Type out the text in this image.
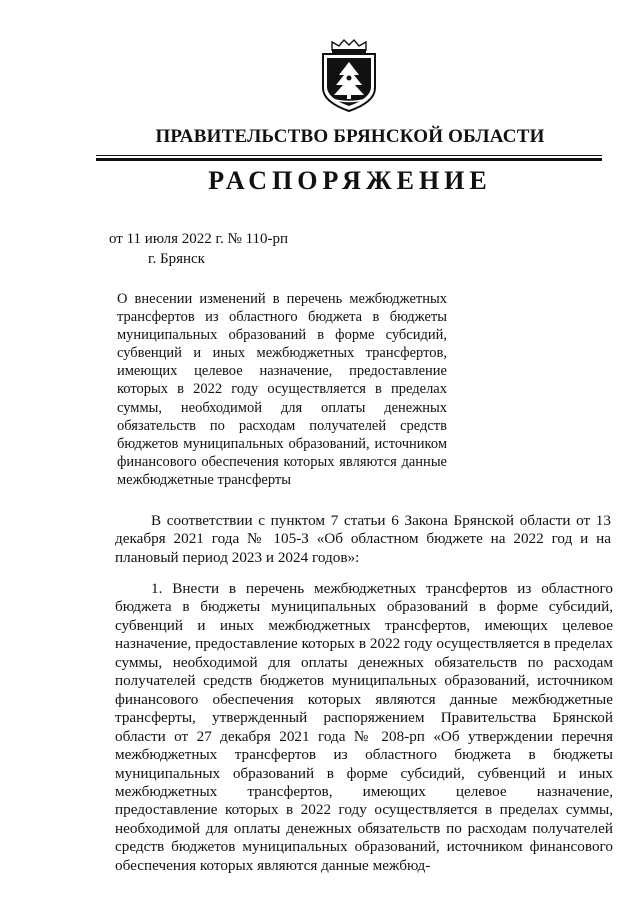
ПРАВИТЕЛЬСТВО БРЯНСКОЙ ОБЛАСТИ
РАСПОРЯЖЕНИЕ
от 11 июля 2022 г. № 110-рп
г. Брянск
О внесении изменений в перечень межбюджетных трансфертов из областного бюджета в бюджеты муниципальных образований в форме субсидий, субвенций и иных межбюджетных трансфертов, имеющих целевое назначение, предоставление которых в 2022 году осуществляется в пределах суммы, необходимой для оплаты денежных обязательств по расходам получателей средств бюджетов муниципальных образований, источником финансового обеспечения которых являются данные межбюджетные трансферты
В соответствии с пунктом 7 статьи 6 Закона Брянской области от 13 декабря 2021 года № 105-З «Об областном бюджете на 2022 год и на плановый период 2023 и 2024 годов»:
1. Внести в перечень межбюджетных трансфертов из областного бюджета в бюджеты муниципальных образований в форме субсидий, субвенций и иных межбюджетных трансфертов, имеющих целевое назначение, предоставление которых в 2022 году осуществляется в пределах суммы, необходимой для оплаты денежных обязательств по расходам получателей средств бюджетов муниципальных образований, источником финансового обеспечения которых являются данные межбюджетные трансферты, утвержденный распоряжением Правительства Брянской области от 27 декабря 2021 года № 208-рп «Об утверждении перечня межбюджетных трансфертов из областного бюджета в бюджеты муниципальных образований в форме субсидий, субвенций и иных межбюджетных трансфертов, имеющих целевое назначение, предоставление которых в 2022 году осуществляется в пределах суммы, необходимой для оплаты денежных обязательств по расходам получателей средств бюджетов муниципальных образований, источником финансового обеспечения которых являются данные межбюд-
